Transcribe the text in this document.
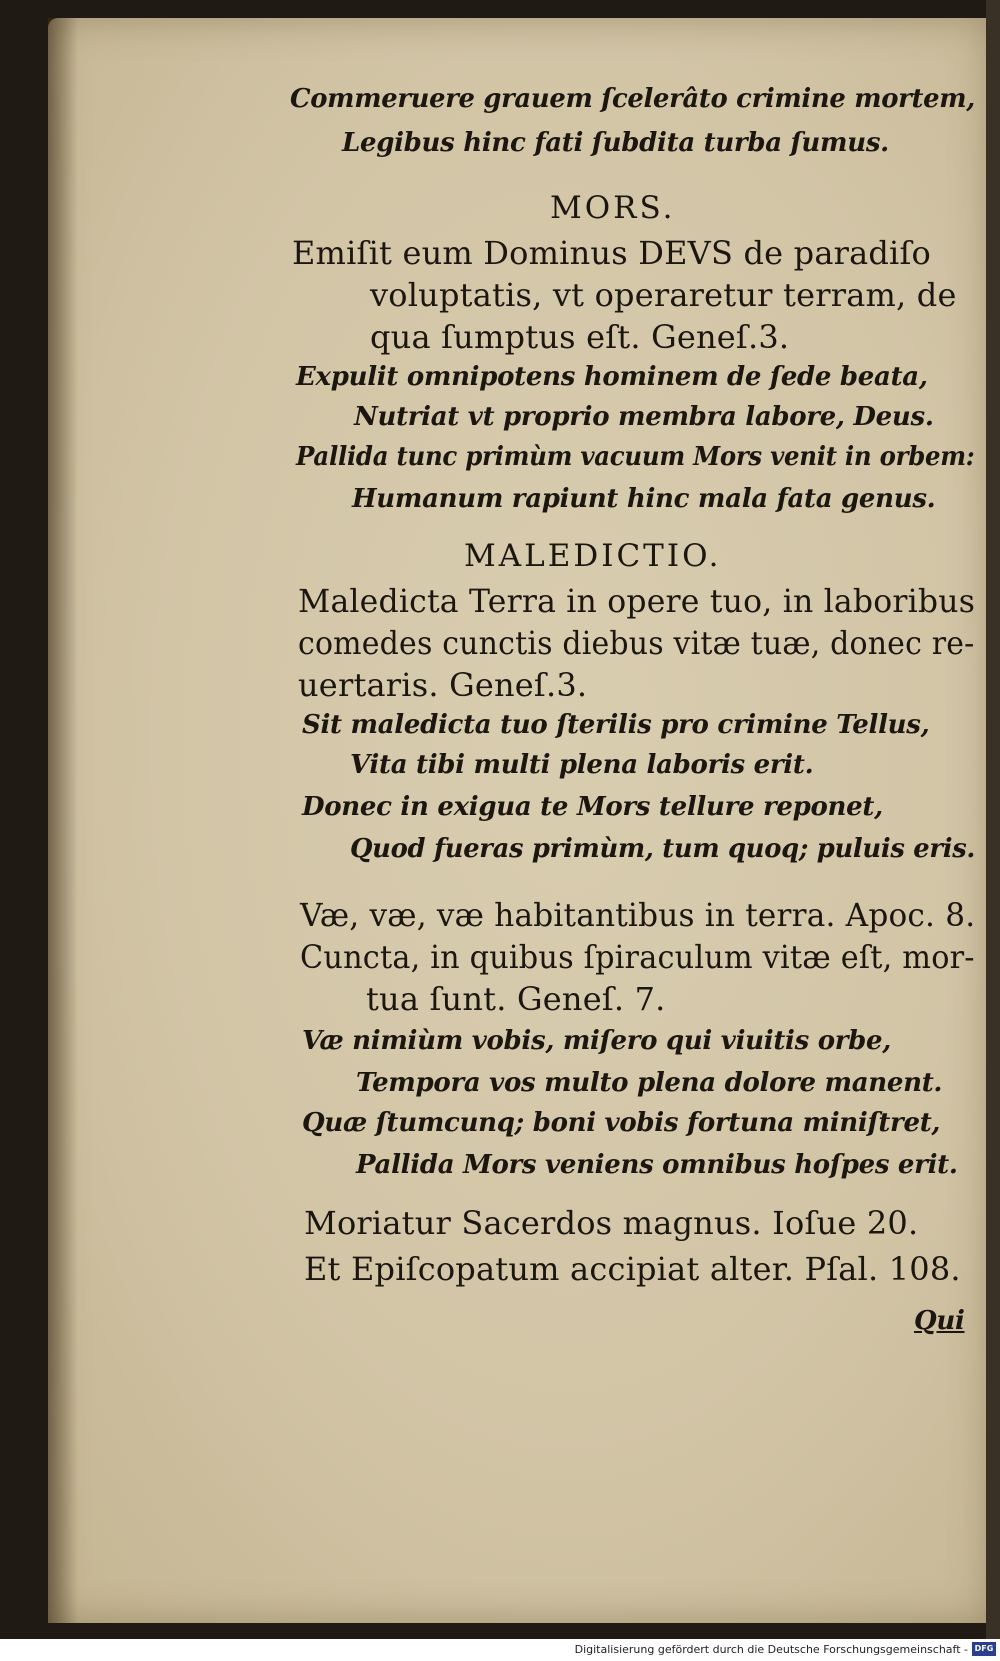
Commeruere grauem ſcelerâto crimine mortem,
Legibus hinc fati ſubdita turba ſumus.
MORS.
Emiſit eum Dominus DEVS de paradiſo
voluptatis, vt operaretur terram, de
qua ſumptus eſt. Geneſ.3.
Expulit omnipotens hominem de ſede beata,
Nutriat vt proprio membra labore, Deus.
Pallida tunc primùm vacuum Mors venit in orbem:
Humanum rapiunt hinc mala fata genus.
MALEDICTIO.
Maledicta Terra in opere tuo, in laboribus
comedes cunctis diebus vitæ tuæ, donec re-
uertaris. Geneſ.3.
Sit maledicta tuo ſterilis pro crimine Tellus,
Vita tibi multi plena laboris erit.
Donec in exigua te Mors tellure reponet,
Quod fueras primùm, tum quoq; puluis eris.
Væ, væ, væ habitantibus in terra. Apoc. 8.
Cuncta, in quibus ſpiraculum vitæ eſt, mor-
tua ſunt. Geneſ. 7.
Væ nimiùm vobis, miſero qui viuitis orbe,
Tempora vos multo plena dolore manent.
Quæ ſtumcunq; boni vobis fortuna miniſtret,
Pallida Mors veniens omnibus hoſpes erit.
Moriatur Sacerdos magnus. Ioſue 20.
Et Epiſcopatum accipiat alter. Pſal. 108.
Qui
Digitalisierung gefördert durch die Deutsche Forschungsgemeinschaft - DFG
